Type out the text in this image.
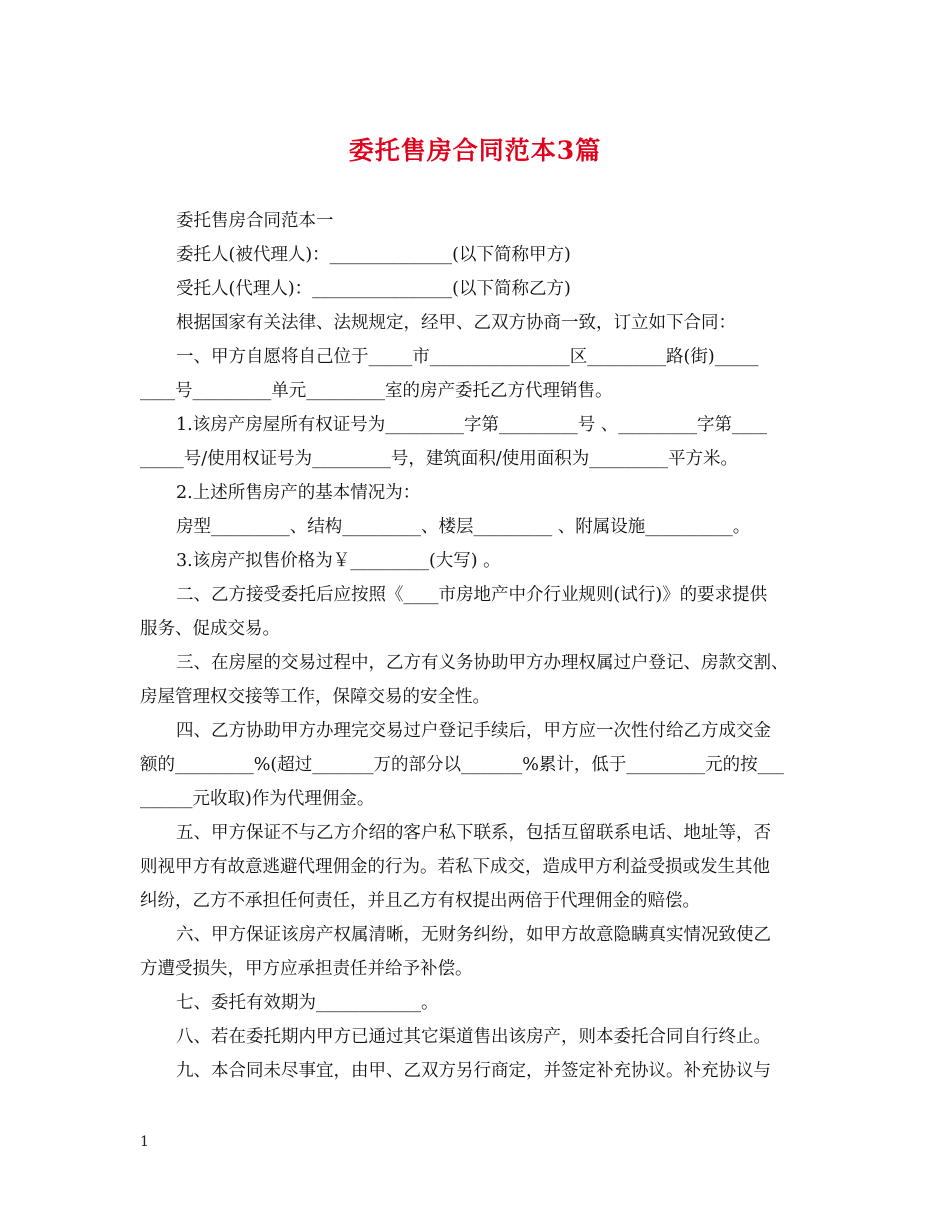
委托售房合同范本3篇
委托售房合同范本一
委托人(被代理人)：______________(以下简称甲方)
受托人(代理人)：________________(以下简称乙方)
根据国家有关法律、法规规定，经甲、乙双方协商一致，订立如下合同：
一、甲方自愿将自己位于_____市________________区_________路(街)_____
____号_________单元_________室的房产委托乙方代理销售。
1.该房产房屋所有权证号为_________字第_________号 、_________字第____
_____号/使用权证号为_________号，建筑面积/使用面积为_________平方米。
2.上述所售房产的基本情况为：
房型_________、结构_________、楼层_________ 、附属设施__________。
3.该房产拟售价格为￥_________(大写) 。
二、乙方接受委托后应按照《____市房地产中介行业规则(试行)》的要求提供
服务、促成交易。
三、在房屋的交易过程中，乙方有义务协助甲方办理权属过户登记、房款交割、
房屋管理权交接等工作，保障交易的安全性。
四、乙方协助甲方办理完交易过户登记手续后，甲方应一次性付给乙方成交金
额的_________%(超过_______万的部分以_______%累计，低于_________元的按___
______元收取)作为代理佣金。
五、甲方保证不与乙方介绍的客户私下联系，包括互留联系电话、地址等，否
则视甲方有故意逃避代理佣金的行为。若私下成交，造成甲方利益受损或发生其他
纠纷，乙方不承担任何责任，并且乙方有权提出两倍于代理佣金的赔偿。
六、甲方保证该房产权属清晰，无财务纠纷，如甲方故意隐瞒真实情况致使乙
方遭受损失，甲方应承担责任并给予补偿。
七、委托有效期为____________。
八、若在委托期内甲方已通过其它渠道售出该房产，则本委托合同自行终止。
九、本合同未尽事宜，由甲、乙双方另行商定，并签定补充协议。补充协议与
1
